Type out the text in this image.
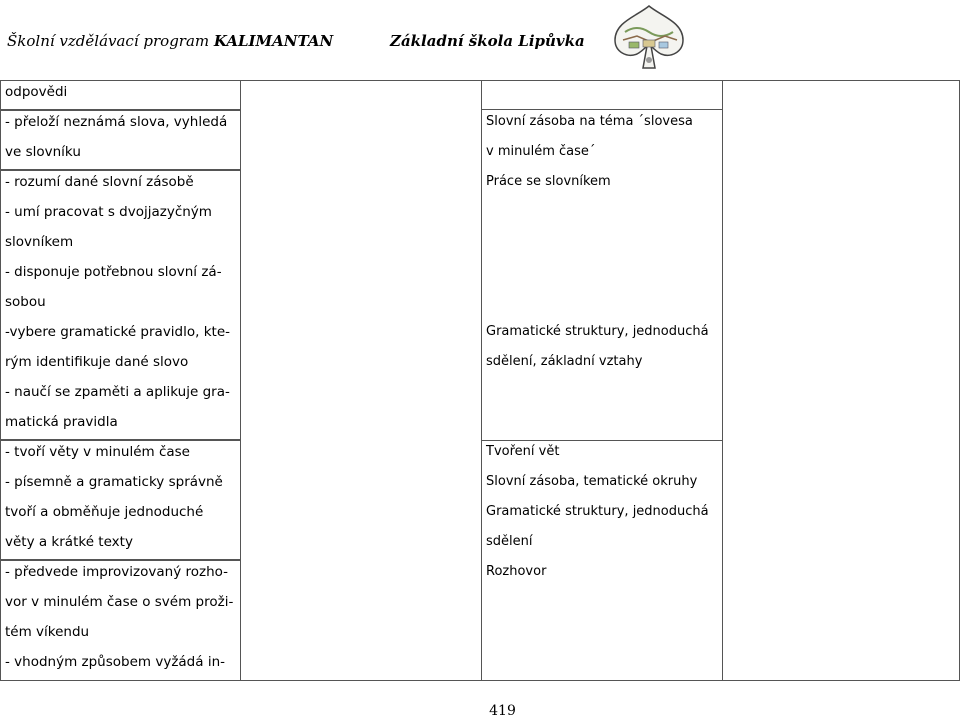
Školní vzdělávací program KALIMANTAN	Základní škola Lipůvka
odpovědi
- přeloží neznámá slova, vyhledá
ve slovníku
- rozumí dané slovní zásobě
- umí pracovat s dvojjazyčným
slovníkem
- disponuje potřebnou slovní zá-
sobou
-vybere gramatické pravidlo, kte-
rým identifikuje dané slovo
- naučí se zpaměti a aplikuje gra-
matická pravidla
- tvoří věty v minulém čase
- písemně a gramaticky správně
tvoří a obměňuje jednoduché
věty a krátké texty
- předvede improvizovaný rozho-
vor v minulém čase o svém proži-
tém víkendu
- vhodným způsobem vyžádá in-
Slovní zásoba na téma ´slovesa
v minulém čase´
Práce se slovníkem
Gramatické struktury, jednoduchá
sdělení, základní vztahy
Tvoření vět
Slovní zásoba, tematické okruhy
Gramatické struktury, jednoduchá
sdělení
Rozhovor
419
